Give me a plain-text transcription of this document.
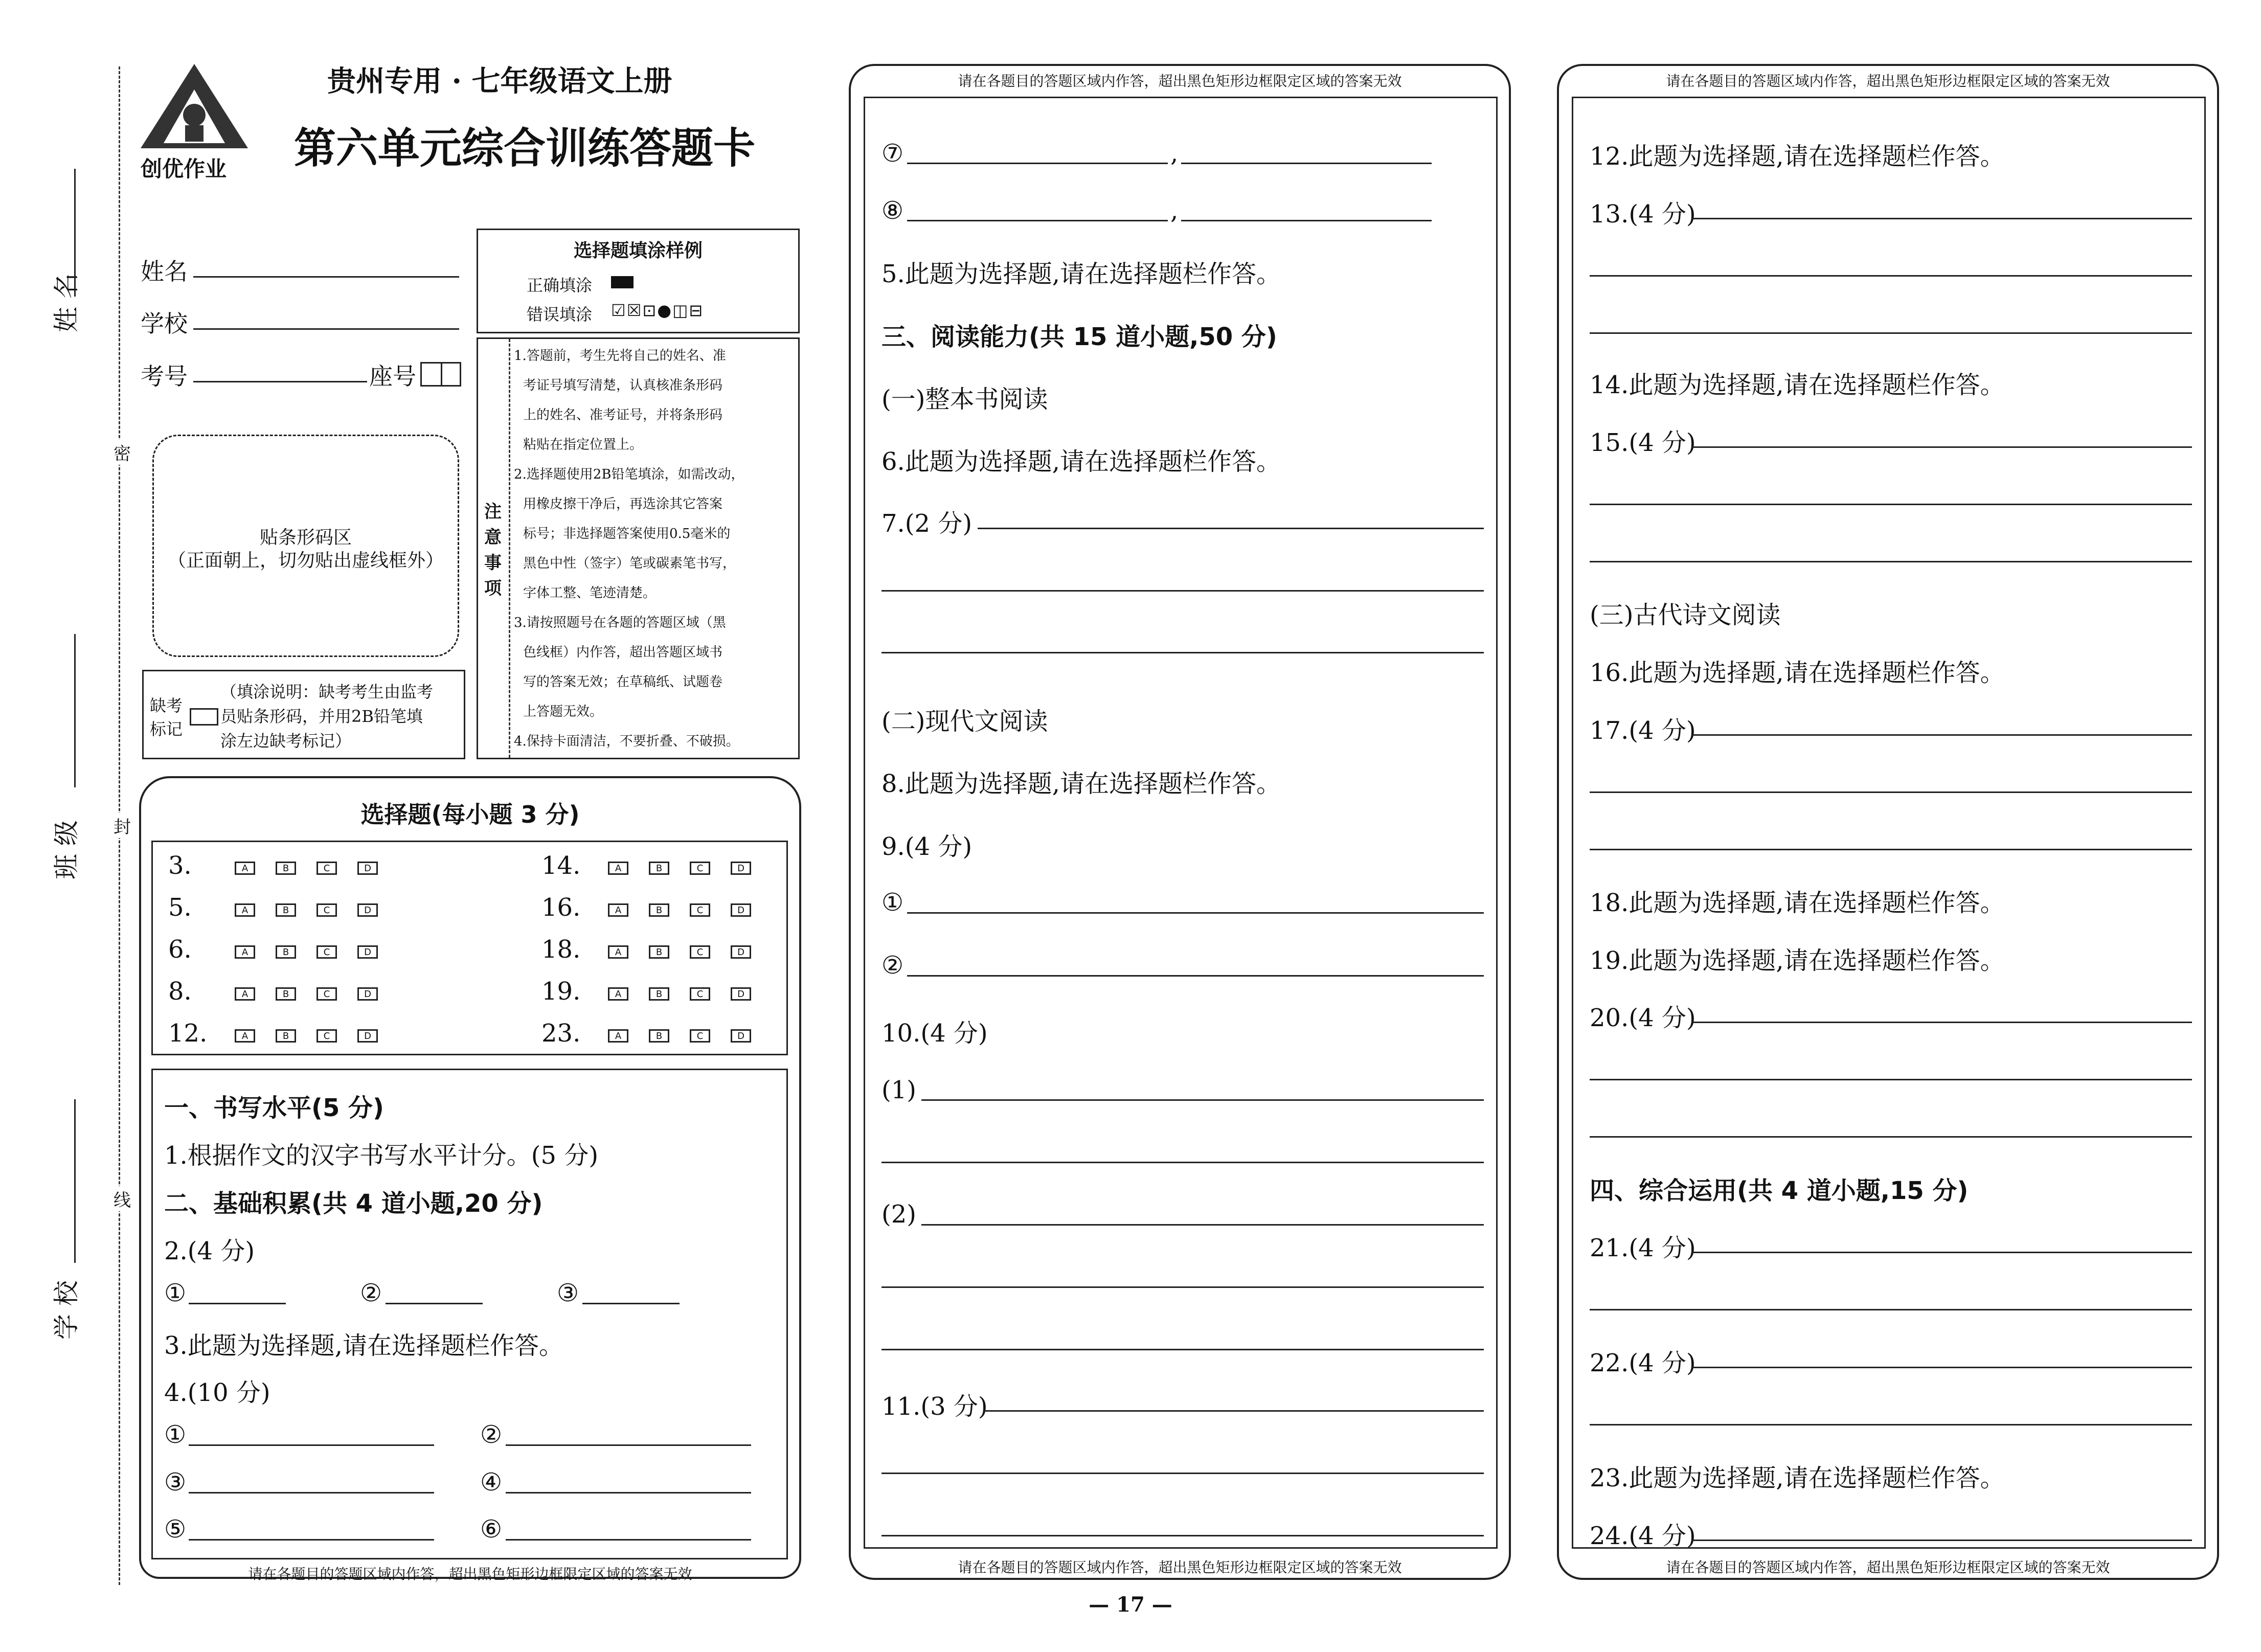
姓 名
班 级
学 校
密
封
线
创优作业
贵州专用 · 七年级语文上册
第六单元综合训练答题卡
姓名
学校
考号	座号
贴条形码区
（正面朝上，切勿贴出虚线框外）
缺考
标记
（填涂说明：缺考考生由监考
员贴条形码，并用2B铅笔填
涂左边缺考标记）
选择题填涂样例
正确填涂
错误填涂 ☑☒⊡●◫⊟
注
意
事
项
1.答题前，考生先将自己的姓名、准
考证号填写清楚，认真核准条形码
上的姓名、准考证号，并将条形码
粘贴在指定位置上。
2.选择题使用2B铅笔填涂，如需改动，
用橡皮擦干净后，再选涂其它答案
标号；非选择题答案使用0.5毫米的
黑色中性（签字）笔或碳素笔书写，
字体工整、笔迹清楚。
3.请按照题号在各题的答题区域（黑
色线框）内作答，超出答题区域书
写的答案无效；在草稿纸、试题卷
上答题无效。
4.保持卡面清洁，不要折叠、不破损。
选择题(每小题 3 分)
3.	A	B	C	D
5.	A	B	C	D
6.	A	B	C	D
8.	A	B	C	D
12.	A	B	C	D
14.	A	B	C	D
16.	A	B	C	D
18.	A	B	C	D
19.	A	B	C	D
23.	A	B	C	D
一、书写水平(5 分)
1.根据作文的汉字书写水平计分。(5 分)
二、基础积累(共 4 道小题,20 分)
2.(4 分)
①	②	③
3.此题为选择题,请在选择题栏作答。
4.(10 分)
①	②
③	④
⑤	⑥
请在各题目的答题区域内作答，超出黑色矩形边框限定区域的答案无效
请在各题目的答题区域内作答，超出黑色矩形边框限定区域的答案无效
⑦	,
⑧	,
5.此题为选择题,请在选择题栏作答。
三、阅读能力(共 15 道小题,50 分)
(一)整本书阅读
6.此题为选择题,请在选择题栏作答。
7.(2 分)
(二)现代文阅读
8.此题为选择题,请在选择题栏作答。
9.(4 分)
①
②
10.(4 分)
(1)
(2)
11.(3 分)
请在各题目的答题区域内作答，超出黑色矩形边框限定区域的答案无效
请在各题目的答题区域内作答，超出黑色矩形边框限定区域的答案无效
12.此题为选择题,请在选择题栏作答。
13.(4 分)
14.此题为选择题,请在选择题栏作答。
15.(4 分)
(三)古代诗文阅读
16.此题为选择题,请在选择题栏作答。
17.(4 分)
18.此题为选择题,请在选择题栏作答。
19.此题为选择题,请在选择题栏作答。
20.(4 分)
四、综合运用(共 4 道小题,15 分)
21.(4 分)
22.(4 分)
23.此题为选择题,请在选择题栏作答。
24.(4 分)
请在各题目的答题区域内作答，超出黑色矩形边框限定区域的答案无效
— 17 —
